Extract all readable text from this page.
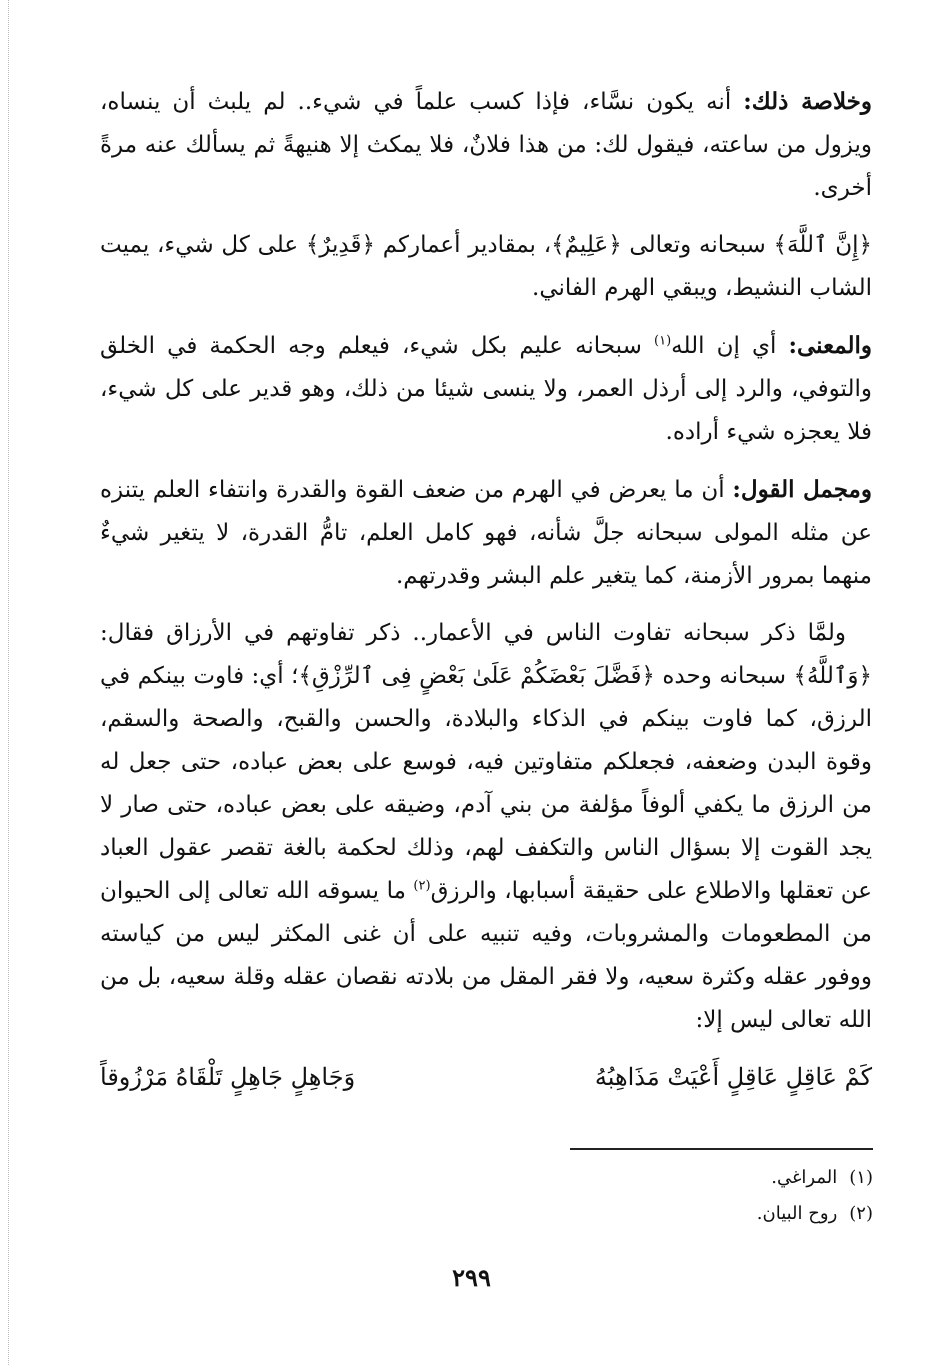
وخلاصة ذلك: أنه يكون نسَّاء، فإذا كسب علماً في شيء.. لم يلبث أن ينساه، ويزول من ساعته، فيقول لك: من هذا فلانٌ، فلا يمكث إلا هنيهةً ثم يسألك عنه مرةً أخرى.

﴿إِنَّ ٱللَّهَ﴾ سبحانه وتعالى ﴿عَلِيمٌ﴾، بمقادير أعماركم ﴿قَدِيرٌ﴾ على كل شيء، يميت الشاب النشيط، ويبقي الهرم الفاني.

والمعنى: أي إن الله$^{(١)}$ سبحانه عليم بكل شيء، فيعلم وجه الحكمة في الخلق والتوفي، والرد إلى أرذل العمر، ولا ينسى شيئا من ذلك، وهو قدير على كل شيء، فلا يعجزه شيء أراده.

ومجمل القول: أن ما يعرض في الهرم من ضعف القوة والقدرة وانتفاء العلم يتنزه عن مثله المولى سبحانه جلَّ شأنه، فهو كامل العلم، تامُّ القدرة، لا يتغير شيءٌ منهما بمرور الأزمنة، كما يتغير علم البشر وقدرتهم.

ولمَّا ذكر سبحانه تفاوت الناس في الأعمار.. ذكر تفاوتهم في الأرزاق فقال: ﴿وَٱللَّهُ﴾ سبحانه وحده ﴿فَضَّلَ بَعْضَكُمْ عَلَىٰ بَعْضٍ فِى ٱلرِّزْقِ﴾؛ أي: فاوت بينكم في الرزق، كما فاوت بينكم في الذكاء والبلادة، والحسن والقبح، والصحة والسقم، وقوة البدن وضعفه، فجعلكم متفاوتين فيه، فوسع على بعض عباده، حتى جعل له من الرزق ما يكفي ألوفاً مؤلفة من بني آدم، وضيقه على بعض عباده، حتى صار لا يجد القوت إلا بسؤال الناس والتكفف لهم، وذلك لحكمة بالغة تقصر عقول العباد عن تعقلها والاطلاع على حقيقة أسبابها، والرزق$^{(٢)}$ ما يسوقه الله تعالى إلى الحيوان من المطعومات والمشروبات، وفيه تنبيه على أن غنى المكثر ليس من كياسته ووفور عقله وكثرة سعيه، ولا فقر المقل من بلادته نقصان عقله وقلة سعيه، بل من الله تعالى ليس إلا:

كَمْ عَاقِلٍ عَاقِلٍ أَعْيَتْ مَذَاهِبُهُ
وَجَاهِلٍ جَاهِلٍ تَلْقَاهُ مَرْزُوقاً
(١)المراغي.
(٢)روح البيان.
٢٩٩
